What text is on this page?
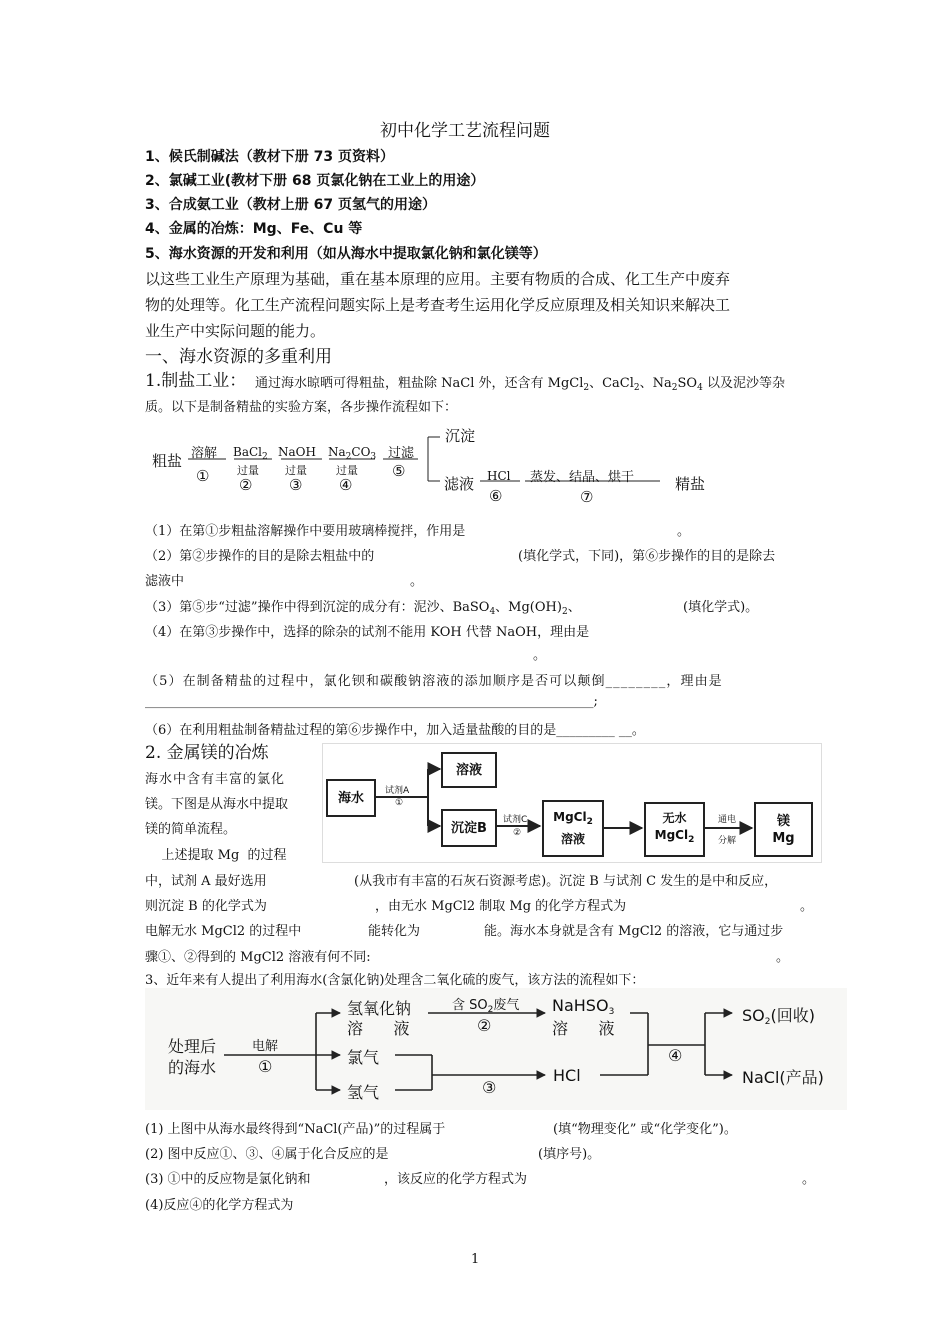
初中化学工艺流程问题
1、候氏制碱法（教材下册 73 页资料）
2、氯碱工业(教材下册 68 页氯化钠在工业上的用途）
3、合成氨工业（教材上册 67 页氢气的用途）
4、金属的冶炼：Mg、Fe、Cu 等
5、海水资源的开发和利用（如从海水中提取氯化钠和氯化镁等）
以这些工业生产原理为基础，重在基本原理的应用。主要有物质的合成、化工生产中废弃
物的处理等。化工生产流程问题实际上是考查考生运用化学反应原理及相关知识来解决工
业生产中实际问题的能力。
一、海水资源的多重利用
1.制盐工业： 通过海水晾晒可得粗盐，粗盐除 NaCl 外，还含有 MgCl$_2$、CaCl$_2$、$Na_2SO_4$ 以及泥沙等杂
质。以下是制备精盐的实验方案，各步操作流程如下：
粗盐 溶解
①
BaCl$_2$
过量
②
NaOH
过量
③
$Na_2CO_3$
过量
④
过滤
⑤
沉淀
滤液 HCl
⑥
蒸发、结晶、烘干
⑦
精盐
（1）在第①步粗盐溶解操作中要用玻璃棒搅拌，作用是	。
（2）第②步操作的目的是除去粗盐中的	(填化学式，下同)，第⑥步操作的目的是除去
滤液中	。
（3）第⑤步“过滤”操作中得到沉淀的成分有：泥沙、BaSO$_4$、$Mg(OH)_2$、	(填化学式)。
（4）在第③步操作中，选择的除杂的试剂不能用 KOH 代替 NaOH，理由是
。
（5）在制备精盐的过程中，氯化钡和碳酸钠溶液的添加顺序是否可以颠倒________，理由是
_____________________________________________________________________;
（6）在利用粗盐制备精盐过程的第⑥步操作中，加入适量盐酸的目的是_________ __。
2. 金属镁的冶炼
海水中含有丰富的氯化
镁。下图是从海水中提取
镁的简单流程。
上述提取 Mg  的过程
海水	试剂A
①
溶液
沉淀B
试剂C
②
MgCl$_2$
溶液
无水
MgCl$_2$
通电
分解
镁
Mg
中，试剂 A 最好选用	(从我市有丰富的石灰石资源考虑)。沉淀 B 与试剂 C 发生的是中和反应，
则沉淀 B 的化学式为	，由无水 MgCl2 制取 Mg 的化学方程式为	。
电解无水 MgCl2 的过程中	能转化为	能。海水本身就是含有 MgCl2 的溶液，它与通过步
骤①、②得到的 MgCl2 溶液有何不同:	。
3、近年来有人提出了利用海水(含氯化钠)处理含二氧化硫的废气，该方法的流程如下：
处理后
的海水
电解
①
氢氧化钠
溶      液
氯气
氢气
含 $SO_2$废气
②
NaHSO$_3$
溶      液
③
HCl
④
$SO_2$(回收)
NaCl(产品)
(1) 上图中从海水最终得到“NaCl(产品)”的过程属于	(填“物理变化” 或“化学变化”)。
(2) 图中反应①、③、④属于化合反应的是	(填序号)。
(3) ①中的反应物是氯化钠和	，该反应的化学方程式为	。
(4)反应④的化学方程式为
1
